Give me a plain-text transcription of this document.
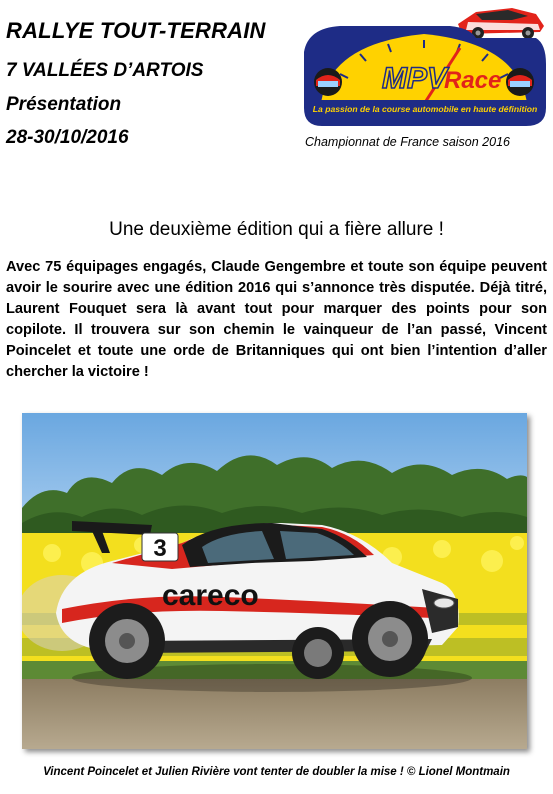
RALLYE TOUT-TERRAIN
7 VALLÉES D’ARTOIS
Présentation
28-30/10/2016
MPV
Race
La passion de la course automobile en haute définition
Championnat de France saison 2016
Une deuxième édition qui a fière allure !
Avec 75 équipages engagés, Claude Gengembre et toute son équipe peuvent avoir le sourire avec une édition 2016 qui s’annonce très disputée. Déjà titré, Laurent Fouquet sera là avant tout pour marquer des points pour son copilote. Il trouvera sur son chemin le vainqueur de l’an passé, Vincent Poincelet et toute une orde de Britanniques qui ont bien l’intention d’aller chercher la victoire !
careco
3
Vincent Poincelet et Julien Rivière vont tenter de doubler la mise ! © Lionel Montmain
